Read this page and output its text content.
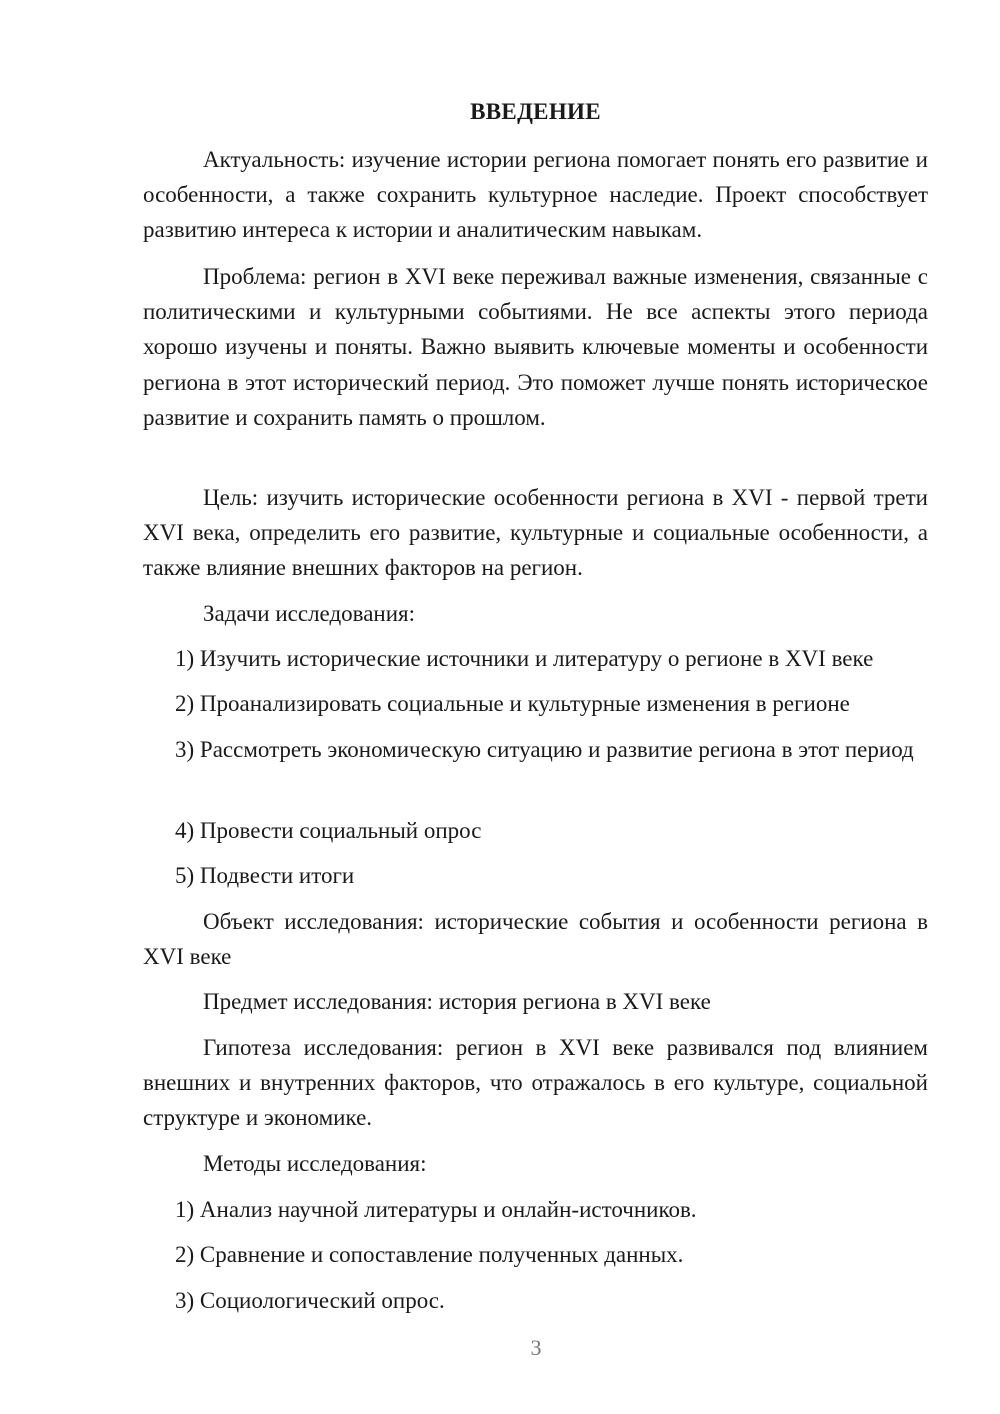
ВВЕДЕНИЕ

Актуальность: изучение истории региона помогает понять его развитие и особенности, а также сохранить культурное наследие. Проект способствует развитию интереса к истории и аналитическим навыкам.

Проблема: регион в XVI веке переживал важные изменения, связанные с политическими и культурными событиями. Не все аспекты этого периода хорошо изучены и поняты. Важно выявить ключевые моменты и особенности региона в этот исторический период. Это поможет лучше понять историческое развитие и сохранить память о прошлом.

Цель: изучить исторические особенности региона в XVI - первой трети XVI века, определить его развитие, культурные и социальные особенности, а также влияние внешних факторов на регион.

Задачи исследования:

1) Изучить исторические источники и литературу о регионе в XVI веке

2) Проанализировать социальные и культурные изменения в регионе

3) Рассмотреть экономическую ситуацию и развитие региона в этот период

4) Провести социальный опрос

5) Подвести итоги

Объект исследования: исторические события и особенности региона в XVI веке

Предмет исследования: история региона в XVI веке

Гипотеза исследования: регион в XVI веке развивался под влиянием внешних и внутренних факторов, что отражалось в его культуре, социальной структуре и экономике.

Методы исследования:

1) Анализ научной литературы и онлайн-источников.

2) Сравнение и сопоставление полученных данных.

3) Социологический опрос.

3
